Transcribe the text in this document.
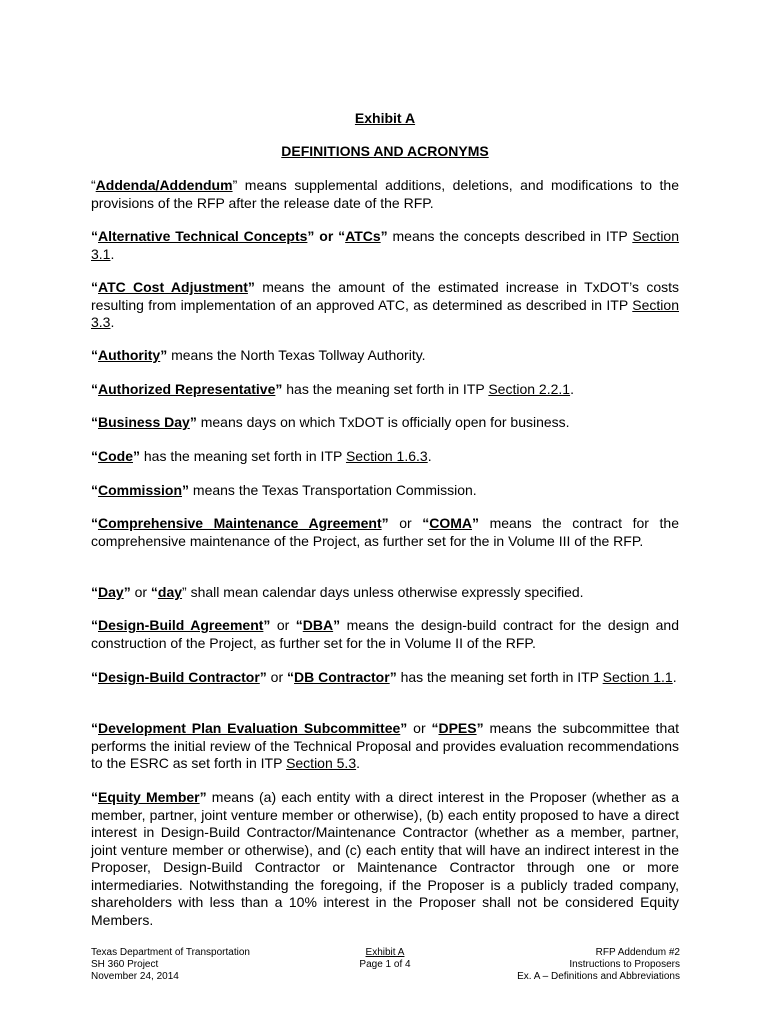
Exhibit A
DEFINITIONS AND ACRONYMS
“Addenda/Addendum” means supplemental additions, deletions, and modifications to the provisions of the RFP after the release date of the RFP.
“Alternative Technical Concepts” or “ATCs” means the concepts described in ITP Section 3.1.
“ATC Cost Adjustment” means the amount of the estimated increase in TxDOT’s costs resulting from implementation of an approved ATC, as determined as described in ITP Section 3.3.
“Authority” means the North Texas Tollway Authority.
“Authorized Representative” has the meaning set forth in ITP Section 2.2.1.
“Business Day” means days on which TxDOT is officially open for business.
“Code” has the meaning set forth in ITP Section 1.6.3.
“Commission” means the Texas Transportation Commission.
“Comprehensive Maintenance Agreement” or “COMA” means the contract for the comprehensive maintenance of the Project, as further set for the in Volume III of the RFP.
“Day” or “day” shall mean calendar days unless otherwise expressly specified.
“Design-Build Agreement” or “DBA” means the design-build contract for the design and construction of the Project, as further set for the in Volume II of the RFP.
“Design-Build Contractor” or “DB Contractor” has the meaning set forth in ITP Section 1.1.
“Development Plan Evaluation Subcommittee” or “DPES” means the subcommittee that performs the initial review of the Technical Proposal and provides evaluation recommendations to the ESRC as set forth in ITP Section 5.3.
“Equity Member” means (a) each entity with a direct interest in the Proposer (whether as a member, partner, joint venture member or otherwise), (b) each entity proposed to have a direct interest in Design-Build Contractor/Maintenance Contractor (whether as a member, partner, joint venture member or otherwise), and (c) each entity that will have an indirect interest in the Proposer, Design-Build Contractor or Maintenance Contractor through one or more intermediaries. Notwithstanding the foregoing, if the Proposer is a publicly traded company, shareholders with less than a 10% interest in the Proposer shall not be considered Equity Members.
Texas Department of Transportation
SH 360 Project
November 24, 2014
Exhibit A
Page 1 of 4
RFP Addendum #2
Instructions to Proposers
Ex. A – Definitions and Abbreviations
